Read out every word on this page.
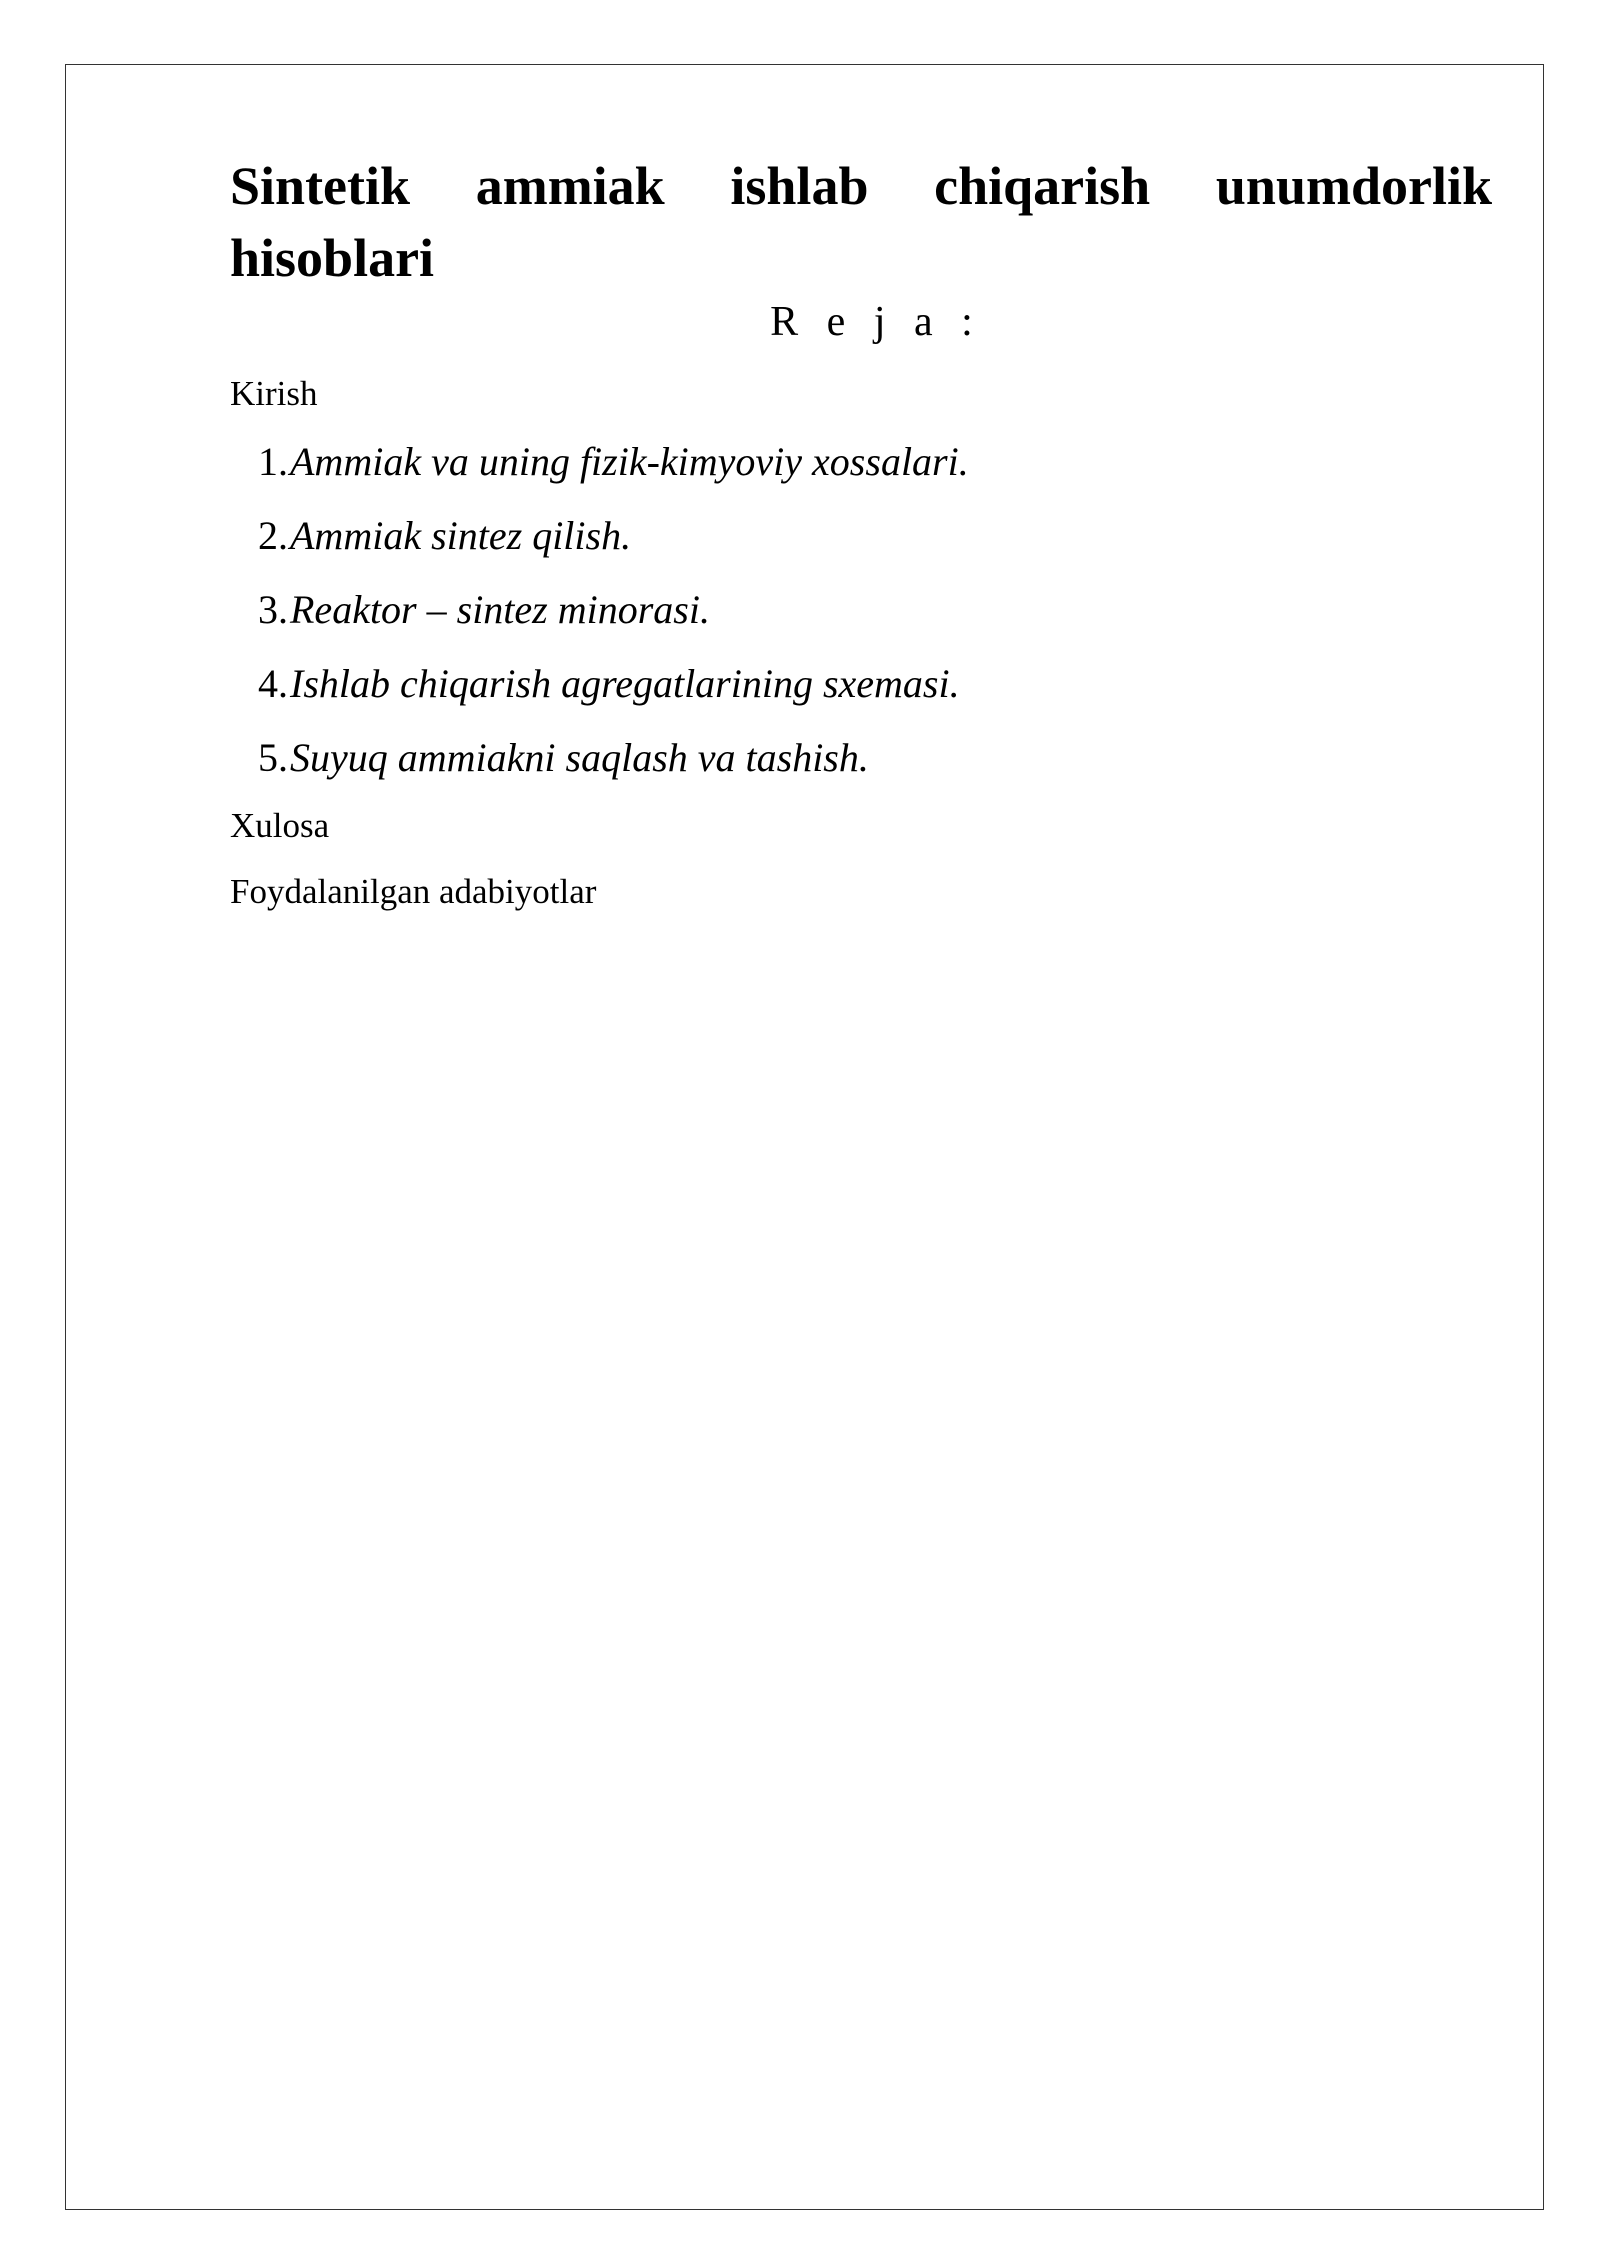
Sintetik ammiak ishlab chiqarish unumdorlik hisoblari

R e j a :

Kirish

1. Ammiak va uning fizik-kimyoviy xossalari.
2. Ammiak sintez qilish.
3. Reaktor – sintez minorasi.
4. Ishlab chiqarish agregatlarining sxemasi.
5. Suyuq ammiakni saqlash va tashish.

Xulosa

Foydalanilgan adabiyotlar
